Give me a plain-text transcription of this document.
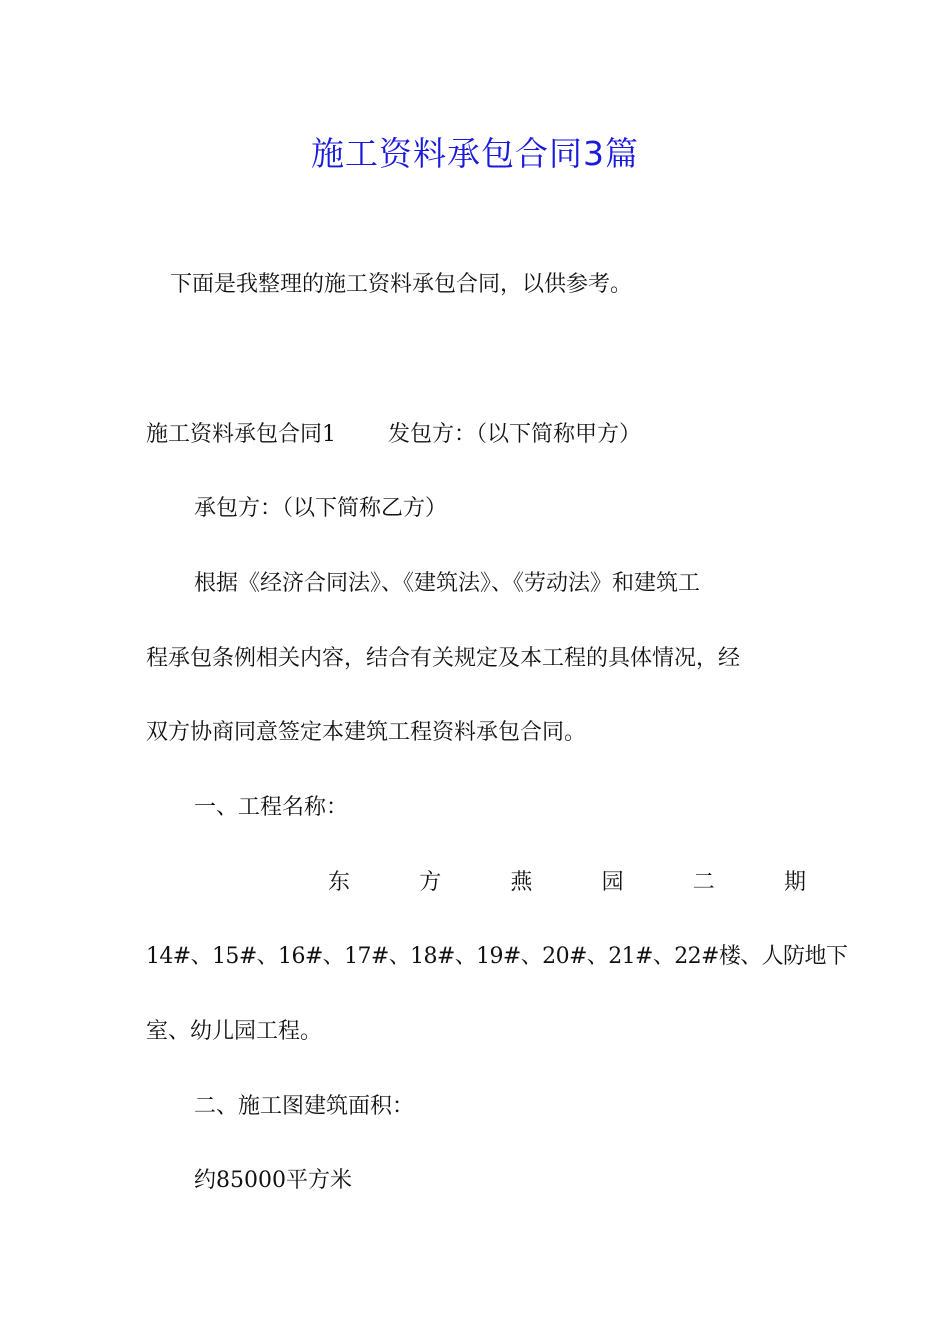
施工资料承包合同3篇

下面是我整理的施工资料承包合同，以供参考。

施工资料承包合同1 发包方：（以下简称甲方）

承包方：（以下简称乙方）

根据《经济合同法》、《建筑法》、《劳动法》和建筑工

程承包条例相关内容，结合有关规定及本工程的具体情况，经

双方协商同意签定本建筑工程资料承包合同。

一、工程名称：

东	方	燕	园	二	期

14#、15#、16#、17#、18#、19#、20#、21#、22#楼、人防地下

室、幼儿园工程。

二、施工图建筑面积：

约85000平方米
